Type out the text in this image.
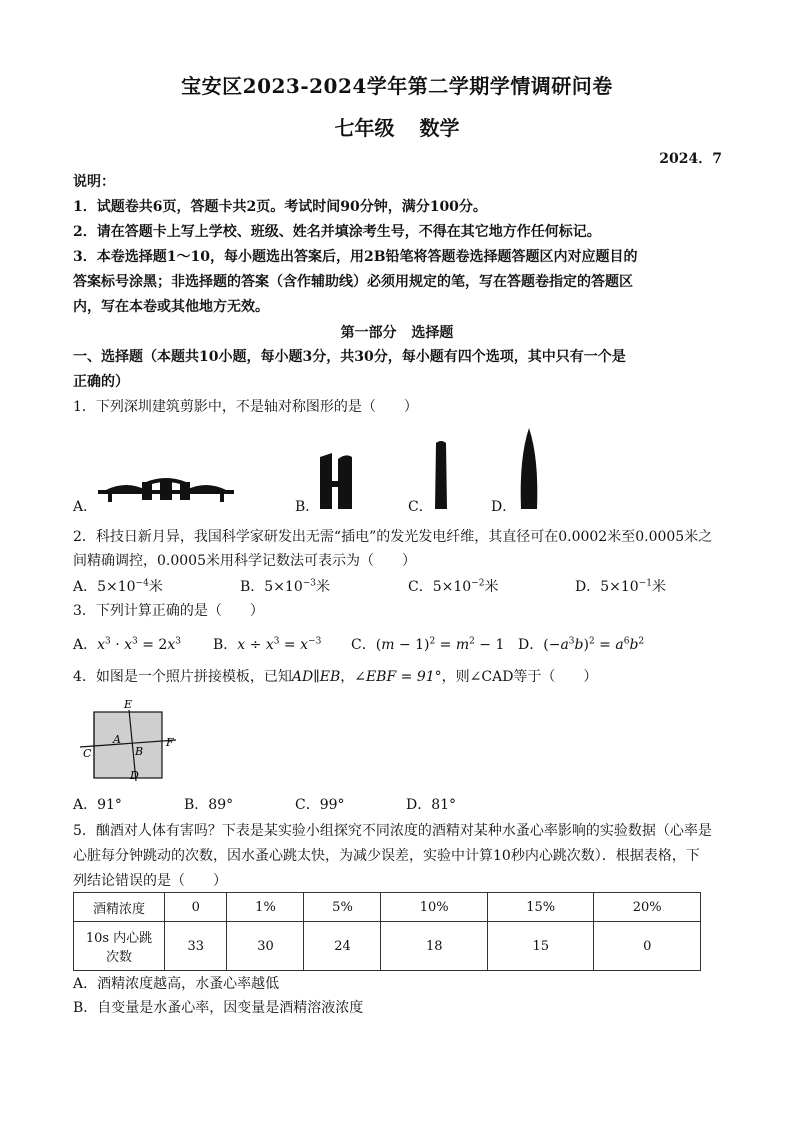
宝安区2023-2024学年第二学期学情调研问卷
七年级 数学
2024．7
说明：
1．试题卷共6页，答题卡共2页。考试时间90分钟，满分100分。
2．请在答题卡上写上学校、班级、姓名并填涂考生号，不得在其它地方作任何标记。
3．本卷选择题1～10，每小题选出答案后，用2B铅笔将答题卷选择题答题区内对应题目的
答案标号涂黑；非选择题的答案（含作辅助线）必须用规定的笔，写在答题卷指定的答题区
内，写在本卷或其他地方无效。
第一部分 选择题
一、选择题（本题共10小题，每小题3分，共30分，每小题有四个选项，其中只有一个是
正确的）
1．下列深圳建筑剪影中，不是轴对称图形的是（　　）
A．	B．	C．	D．
2．科技日新月异，我国科学家研发出无需“插电”的发光发电纤维，其直径可在0.0002米至0.0005米之
间精确调控，0.0005米用科学记数法可表示为（　　）
A．$5\times 10^{-4}$米	B．$5\times 10^{-3}$米	C．$5\times 10^{-2}$米	D．$5\times 10^{-1}$米
3．下列计算正确的是（　　）
A．$x^3 \cdot x^3 = 2x^3$ B．$x \div x^3 = x^{-3}$ C．$(m - 1)^2 = m^2 - 1$ D．$(-a^3b)^2 = a^6b^2$
4．如图是一个照片拼接模板，已知AD∥EB，∠EBF = 91°，则∠CAD等于（　　）
E
A
B
C
F
D
A．91°	B．89°	C．99°	D．81°
5．酗酒对人体有害吗？下表是某实验小组探究不同浓度的酒精对某种水蚤心率影响的实验数据（心率是
心脏每分钟跳动的次数，因水蚤心跳太快，为减少误差，实验中计算10秒内心跳次数）．根据表格，下
列结论错误的是（　　）
酒精浓度	0	1%	5%	10%	15%	20%

10s 内心跳
次数	33	30	24	18	15	0
A．酒精浓度越高，水蚤心率越低
B．自变量是水蚤心率，因变量是酒精溶液浓度
